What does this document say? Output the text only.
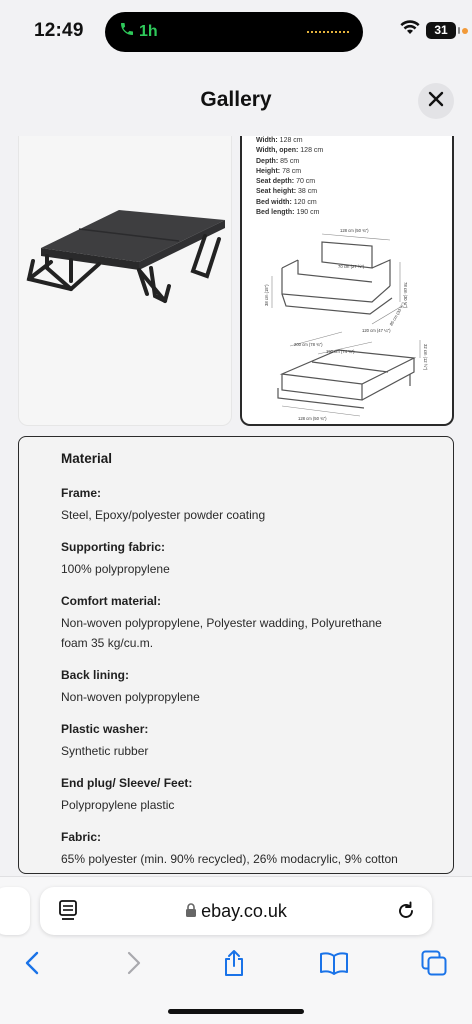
12:49	1h	31
Gallery
Width: 128 cm
Width, open: 128 cm
Depth: 85 cm
Height: 78 cm
Seat depth: 70 cm
Seat height: 38 cm
Bed width: 120 cm
Bed length: 190 cm
128 cm (50 ¾")
70 cm (27 ½")
78 cm (30 ¾")
38 cm (15")
85 cm (33 ½")
120 cm (47 ¼")
200 cm (78 ¾")
190 cm (74 ¾")	32 cm (12 ½")
128 cm (50 ¾")
Material
Frame:
Steel, Epoxy/polyester powder coating
Supporting fabric:
100% polypropylene
Comfort material:
Non-woven polypropylene, Polyester wadding, Polyurethane foam 35 kg/cu.m.
Back lining:
Non-woven polypropylene
Plastic washer:
Synthetic rubber
End plug/ Sleeve/ Feet:
Polypropylene plastic
Fabric:
65% polyester (min. 90% recycled), 26% modacrylic, 9% cotton
ebay.co.uk
